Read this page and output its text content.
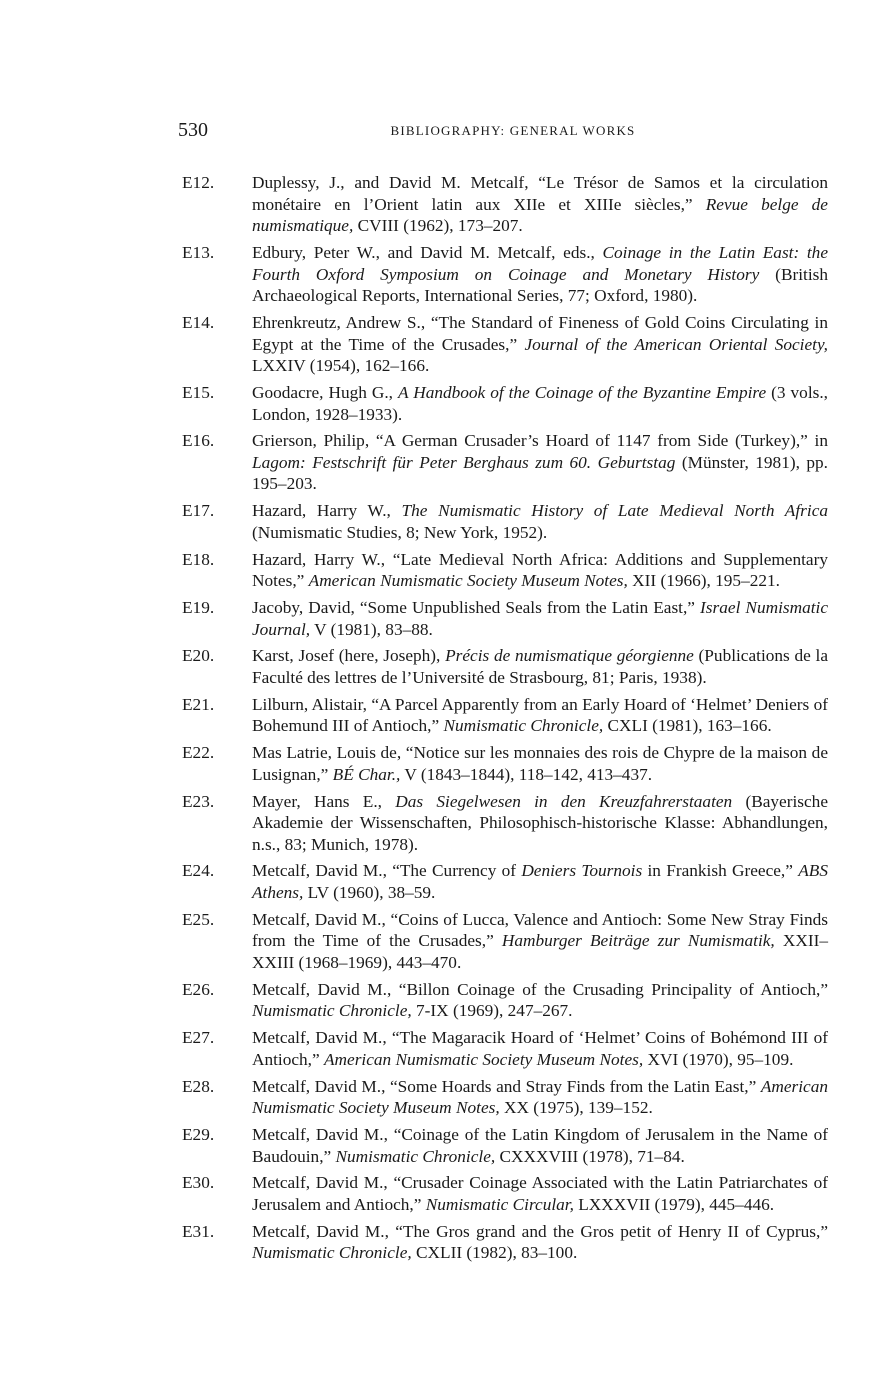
530	BIBLIOGRAPHY: GENERAL WORKS
E12. Duplessy, J., and David M. Metcalf, “Le Trésor de Samos et la circulation monétaire en l’Orient latin aux XIIe et XIIIe siècles,” Revue belge de numismatique, CVIII (1962), 173–207.
E13. Edbury, Peter W., and David M. Metcalf, eds., Coinage in the Latin East: the Fourth Oxford Symposium on Coinage and Monetary History (British Archaeological Reports, International Series, 77; Oxford, 1980).
E14. Ehrenkreutz, Andrew S., “The Standard of Fineness of Gold Coins Circulating in Egypt at the Time of the Crusades,” Journal of the American Oriental Society, LXXIV (1954), 162–166.
E15. Goodacre, Hugh G., A Handbook of the Coinage of the Byzantine Empire (3 vols., London, 1928–1933).
E16. Grierson, Philip, “A German Crusader’s Hoard of 1147 from Side (Turkey),” in Lagom: Festschrift für Peter Berghaus zum 60. Geburtstag (Münster, 1981), pp. 195–203.
E17. Hazard, Harry W., The Numismatic History of Late Medieval North Africa (Numismatic Studies, 8; New York, 1952).
E18. Hazard, Harry W., “Late Medieval North Africa: Additions and Supplementary Notes,” American Numismatic Society Museum Notes, XII (1966), 195–221.
E19. Jacoby, David, “Some Unpublished Seals from the Latin East,” Israel Numismatic Journal, V (1981), 83–88.
E20. Karst, Josef (here, Joseph), Précis de numismatique géorgienne (Publications de la Faculté des lettres de l’Université de Strasbourg, 81; Paris, 1938).
E21. Lilburn, Alistair, “A Parcel Apparently from an Early Hoard of ‘Helmet’ Deniers of Bohemund III of Antioch,” Numismatic Chronicle, CXLI (1981), 163–166.
E22. Mas Latrie, Louis de, “Notice sur les monnaies des rois de Chypre de la maison de Lusignan,” BÉ Char., V (1843–1844), 118–142, 413–437.
E23. Mayer, Hans E., Das Siegelwesen in den Kreuzfahrerstaaten (Bayerische Akademie der Wissenschaften, Philosophisch-historische Klasse: Abhandlungen, n.s., 83; Munich, 1978).
E24. Metcalf, David M., “The Currency of Deniers Tournois in Frankish Greece,” ABS Athens, LV (1960), 38–59.
E25. Metcalf, David M., “Coins of Lucca, Valence and Antioch: Some New Stray Finds from the Time of the Crusades,” Hamburger Beiträge zur Numismatik, XXII–XXIII (1968–1969), 443–470.
E26. Metcalf, David M., “Billon Coinage of the Crusading Principality of Antioch,” Numismatic Chronicle, 7-IX (1969), 247–267.
E27. Metcalf, David M., “The Magaracik Hoard of ‘Helmet’ Coins of Bohémond III of Antioch,” American Numismatic Society Museum Notes, XVI (1970), 95–109.
E28. Metcalf, David M., “Some Hoards and Stray Finds from the Latin East,” American Numismatic Society Museum Notes, XX (1975), 139–152.
E29. Metcalf, David M., “Coinage of the Latin Kingdom of Jerusalem in the Name of Baudouin,” Numismatic Chronicle, CXXXVIII (1978), 71–84.
E30. Metcalf, David M., “Crusader Coinage Associated with the Latin Patriarchates of Jerusalem and Antioch,” Numismatic Circular, LXXXVII (1979), 445–446.
E31. Metcalf, David M., “The Gros grand and the Gros petit of Henry II of Cyprus,” Numismatic Chronicle, CXLII (1982), 83–100.
